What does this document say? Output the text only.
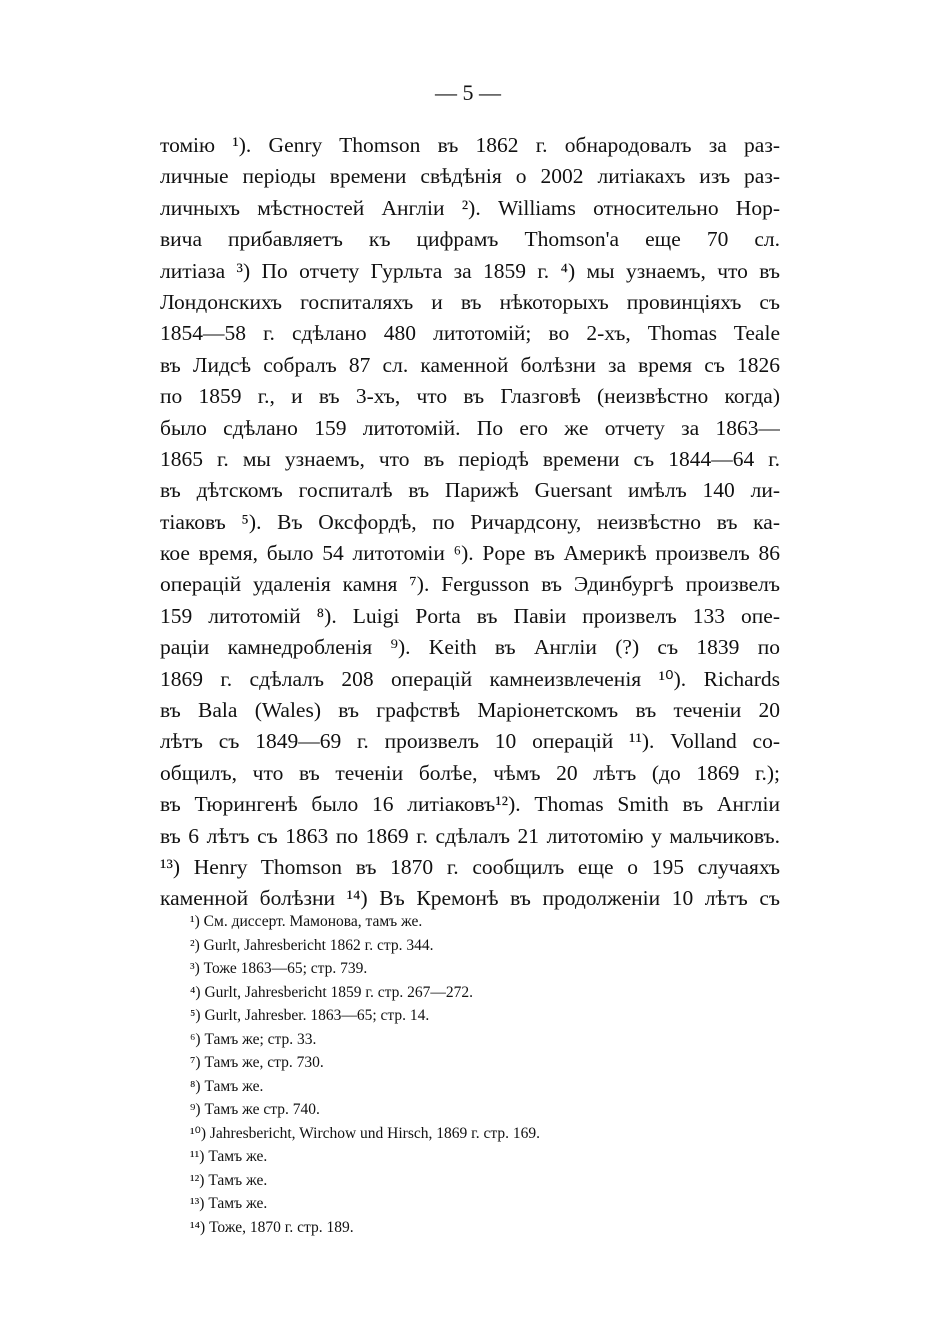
— 5 —
томію ¹). Genry Thomson въ 1862 г. обнародовалъ за раз-
личные періоды времени свѣдѣнія о 2002 литіакахъ изъ раз-
личныхъ мѣстностей Англіи ²). Williams относительно Нор-
вича прибавляетъ къ цифрамъ Thomson'а еще 70 сл.
литіаза ³) По отчету Гурльта за 1859 г. ⁴) мы узнаемъ, что въ
Лондонскихъ госпиталяхъ и въ нѣкоторыхъ провинціяхъ съ
1854—58 г. сдѣлано 480 литотомій; во 2-хъ, Thomas Teale
въ Лидсѣ собралъ 87 сл. каменной болѣзни за время съ 1826
по 1859 г., и въ 3-хъ, что въ Глазговѣ (неизвѣстно когда)
было сдѣлано 159 литотомій. По его же отчету за 1863—
1865 г. мы узнаемъ, что въ періодѣ времени съ 1844—64 г.
въ дѣтскомъ госпиталѣ въ Парижѣ Guersant имѣлъ 140 ли-
тіаковъ ⁵). Въ Оксфордѣ, по Ричардсону, неизвѣстно въ ка-
кое время, было 54 литотоміи ⁶). Pope въ Америкѣ произвелъ 86
операцій удаленія камня ⁷). Fergusson въ Эдинбургѣ произвелъ
159 литотомій ⁸). Luigi Porta въ Павіи произвелъ 133 опе-
раціи камнедробленія ⁹). Keith въ Англіи (?) съ 1839 по
1869 г. сдѣлалъ 208 операцій камнеизвлеченія ¹⁰). Richards
въ Bala (Wales) въ графствѣ Маріонетскомъ въ теченіи 20
лѣтъ съ 1849—69 г. произвелъ 10 операцій ¹¹). Volland со-
общилъ, что въ теченіи болѣе, чѣмъ 20 лѣтъ (до 1869 г.);
въ Тюрингенѣ было 16 литіаковъ¹²). Thomas Smith въ Англіи
въ 6 лѣтъ съ 1863 по 1869 г. сдѣлалъ 21 литотомію у мальчиковъ.
¹³) Henry Thomson въ 1870 г. сообщилъ еще о 195 случаяхъ
каменной болѣзни ¹⁴) Въ Кремонѣ въ продолженіи 10 лѣтъ съ
¹) См. диссерт. Мамонова, тамъ же.
²) Gurlt, Jahresbericht 1862 г. стр. 344.
³) Тоже 1863—65; стр. 739.
⁴) Gurlt, Jahresbericht 1859 г. стр. 267—272.
⁵) Gurlt, Jahresber. 1863—65; стр. 14.
⁶) Тамъ же; стр. 33.
⁷) Тамъ же, стр. 730.
⁸) Тамъ же.
⁹) Тамъ же стр. 740.
¹⁰) Jahresbericht, Wirchow und Hirsch, 1869 г. стр. 169.
¹¹) Тамъ же.
¹²) Тамъ же.
¹³) Тамъ же.
¹⁴) Тоже, 1870 г. стр. 189.
